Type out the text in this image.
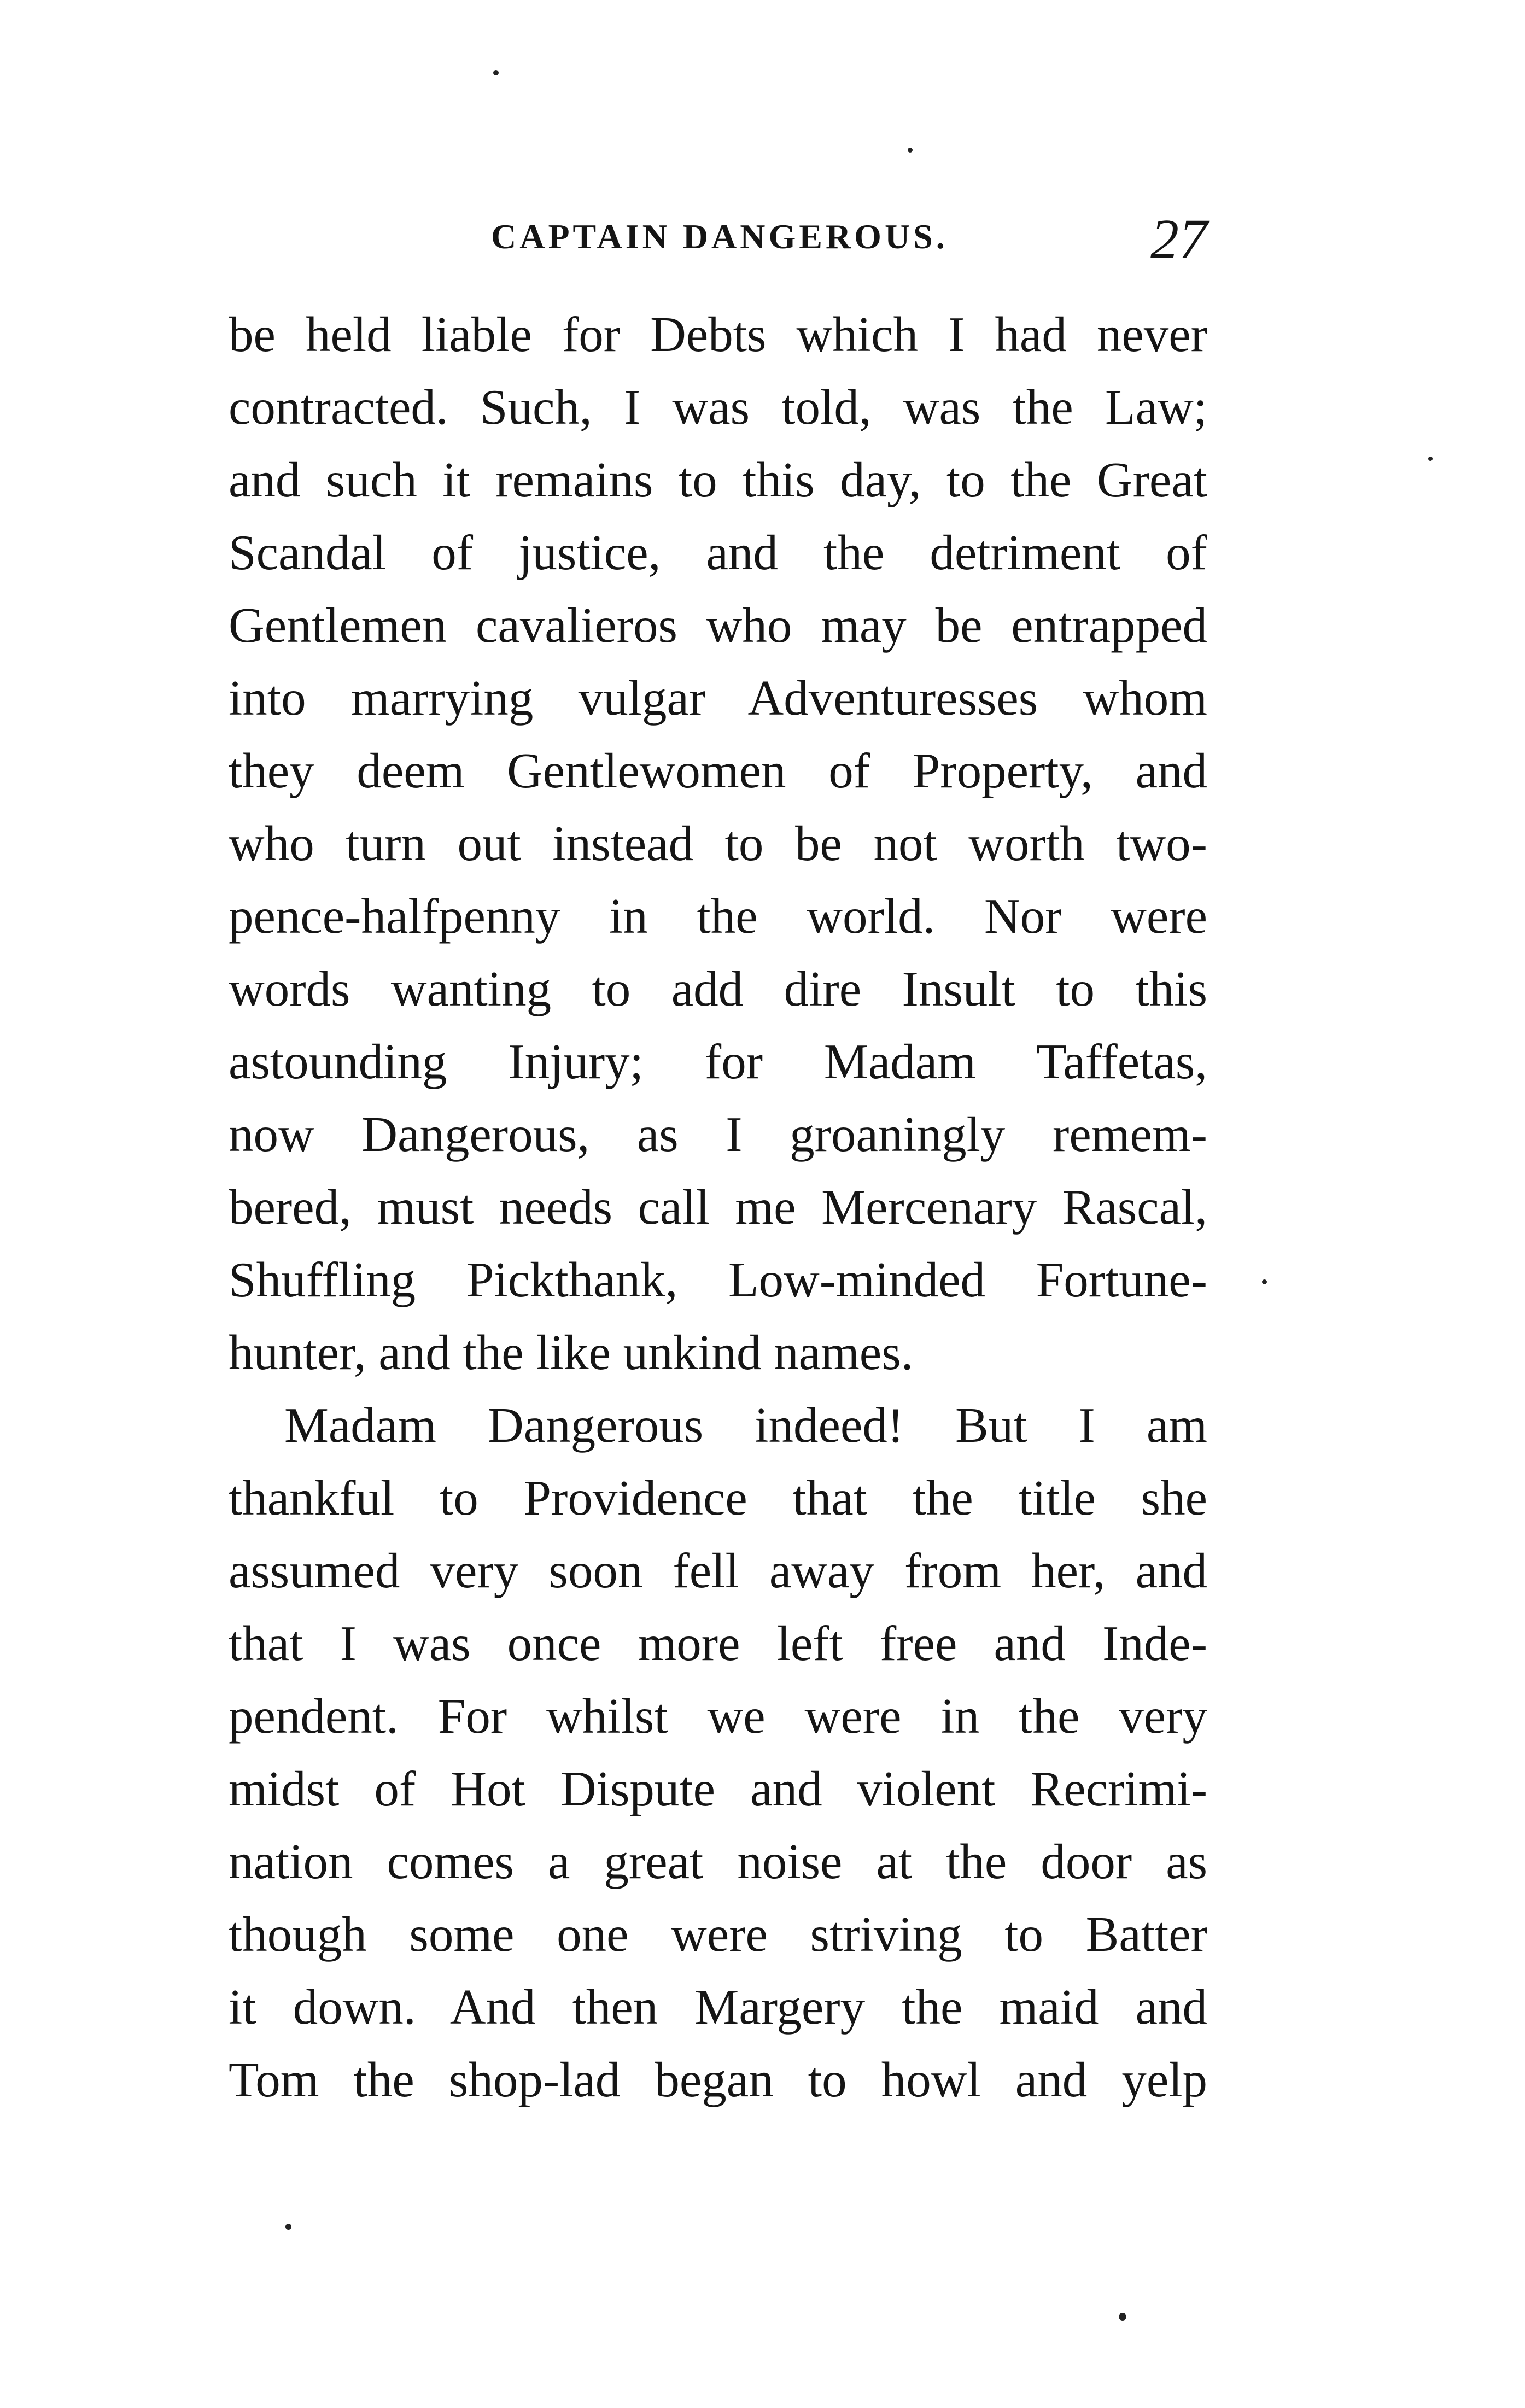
CAPTAIN DANGEROUS.	27
be held liable for Debts which I had never
contracted. Such, I was told, was the Law;
and such it remains to this day, to the Great
Scandal of justice, and the detriment of
Gentlemen cavalieros who may be entrapped
into marrying vulgar Adventuresses whom
they deem Gentlewomen of Property, and
who turn out instead to be not worth two-
pence-halfpenny in the world. Nor were
words wanting to add dire Insult to this
astounding Injury; for Madam Taffetas,
now Dangerous, as I groaningly remem-
bered, must needs call me Mercenary Rascal,
Shuffling Pickthank, Low-minded Fortune-
hunter, and the like unkind names.
Madam Dangerous indeed! But I am
thankful to Providence that the title she
assumed very soon fell away from her, and
that I was once more left free and Inde-
pendent. For whilst we were in the very
midst of Hot Dispute and violent Recrimi-
nation comes a great noise at the door as
though some one were striving to Batter
it down. And then Margery the maid and
Tom the shop-lad began to howl and yelp
